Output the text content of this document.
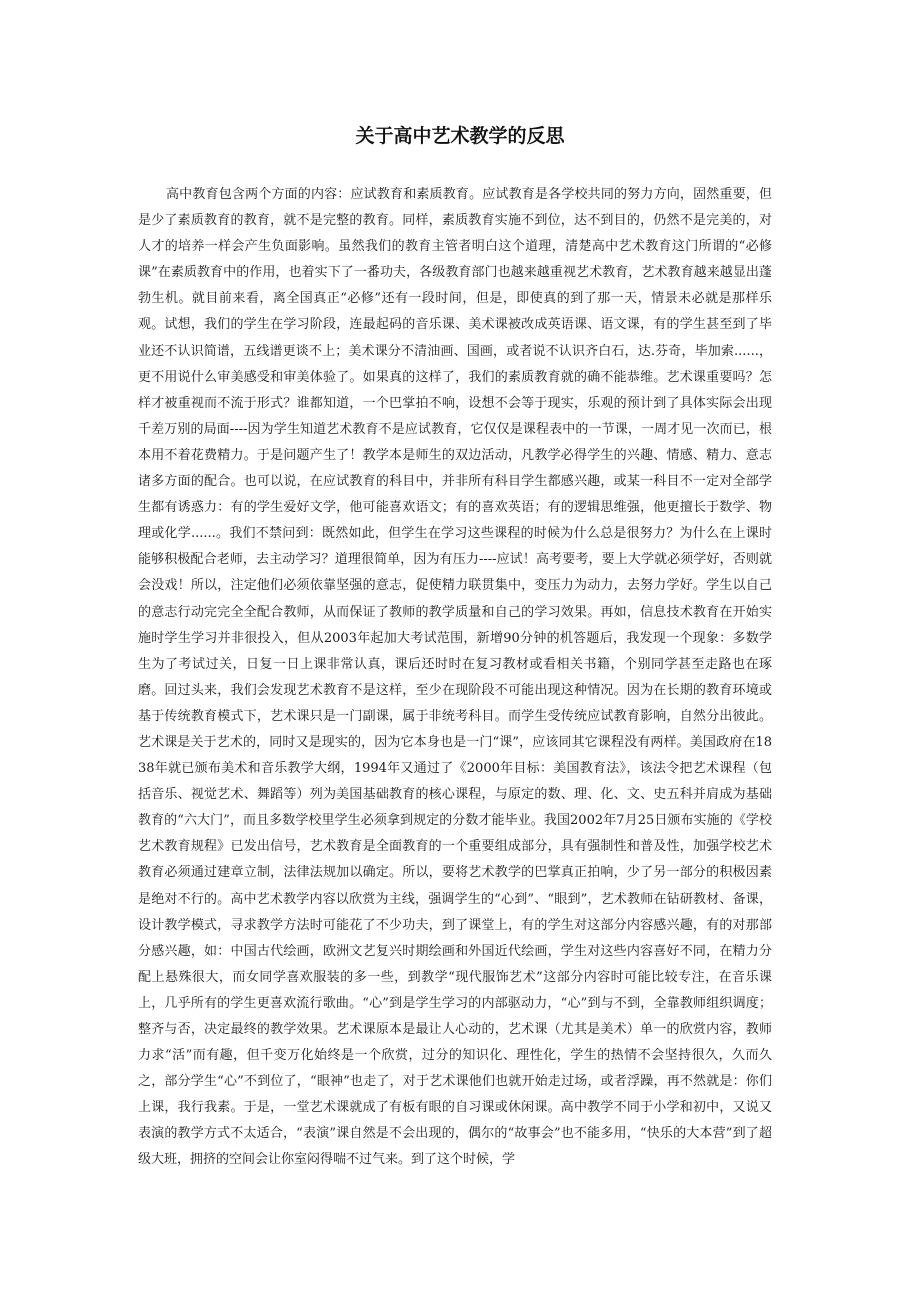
关于高中艺术教学的反思

高中教育包含两个方面的内容：应试教育和素质教育。应试教育是各学校共同的努力方向，固然重要，但是少了素质教育的教育，就不是完整的教育。同样，素质教育实施不到位，达不到目的，仍然不是完美的，对人才的培养一样会产生负面影响。虽然我们的教育主管者明白这个道理，清楚高中艺术教育这门所谓的“必修课”在素质教育中的作用，也着实下了一番功夫，各级教育部门也越来越重视艺术教育，艺术教育越来越显出蓬勃生机。就目前来看，离全国真正“必修”还有一段时间，但是，即使真的到了那一天，情景未必就是那样乐观。试想，我们的学生在学习阶段，连最起码的音乐课、美术课被改成英语课、语文课，有的学生甚至到了毕业还不认识简谱，五线谱更谈不上；美术课分不清油画、国画，或者说不认识齐白石，达.芬奇，毕加索......，更不用说什么审美感受和审美体验了。如果真的这样了，我们的素质教育就的确不能恭维。艺术课重要吗？怎样才被重视而不流于形式？谁都知道，一个巴掌拍不响，设想不会等于现实，乐观的预计到了具体实际会出现千差万别的局面----因为学生知道艺术教育不是应试教育，它仅仅是课程表中的一节课，一周才见一次而已，根本用不着花费精力。于是问题产生了！教学本是师生的双边活动，凡教学必得学生的兴趣、情感、精力、意志诸多方面的配合。也可以说，在应试教育的科目中，并非所有科目学生都感兴趣，或某一科目不一定对全部学生都有诱惑力：有的学生爱好文学，他可能喜欢语文；有的喜欢英语；有的逻辑思维强，他更擅长于数学、物理或化学......。我们不禁问到：既然如此，但学生在学习这些课程的时候为什么总是很努力？为什么在上课时能够积极配合老师，去主动学习？道理很简单，因为有压力----应试！高考要考，要上大学就必须学好，否则就会没戏！所以，注定他们必须依靠坚强的意志，促使精力联贯集中，变压力为动力，去努力学好。学生以自己的意志行动完完全全配合教师，从而保证了教师的教学质量和自己的学习效果。再如，信息技术教育在开始实施时学生学习并非很投入，但从2003年起加大考试范围，新增90分钟的机答题后，我发现一个现象：多数学生为了考试过关，日复一日上课非常认真，课后还时时在复习教材或看相关书籍，个别同学甚至走路也在琢磨。回过头来，我们会发现艺术教育不是这样，至少在现阶段不可能出现这种情况。因为在长期的教育环境或基于传统教育模式下，艺术课只是一门副课，属于非统考科目。而学生受传统应试教育影响，自然分出彼此。艺术课是关于艺术的，同时又是现实的，因为它本身也是一门“课”，应该同其它课程没有两样。美国政府在1838年就已颁布美术和音乐教学大纲，1994年又通过了《2000年目标：美国教育法》，该法令把艺术课程（包括音乐、视觉艺术、舞蹈等）列为美国基础教育的核心课程，与原定的数、理、化、文、史五科并肩成为基础教育的“六大门”，而且多数学校里学生必须拿到规定的分数才能毕业。我国2002年7月25日颁布实施的《学校艺术教育规程》已发出信号，艺术教育是全面教育的一个重要组成部分，具有强制性和普及性，加强学校艺术教育必须通过建章立制，法律法规加以确定。所以，要将艺术教学的巴掌真正拍响，少了另一部分的积极因素是绝对不行的。高中艺术教学内容以欣赏为主线，强调学生的“心到”、“眼到”，艺术教师在钻研教材、备课，设计教学模式，寻求教学方法时可能花了不少功夫，到了课堂上，有的学生对这部分内容感兴趣，有的对那部分感兴趣，如：中国古代绘画，欧洲文艺复兴时期绘画和外国近代绘画，学生对这些内容喜好不同，在精力分配上悬殊很大，而女同学喜欢服装的多一些，到教学“现代服饰艺术”这部分内容时可能比较专注，在音乐课上，几乎所有的学生更喜欢流行歌曲。“心”到是学生学习的内部驱动力，“心”到与不到，全靠教师组织调度；整齐与否，决定最终的教学效果。艺术课原本是最让人心动的，艺术课（尤其是美术）单一的欣赏内容，教师力求“活”而有趣，但千变万化始终是一个欣赏，过分的知识化、理性化，学生的热情不会坚持很久，久而久之，部分学生“心”不到位了，“眼神”也走了，对于艺术课他们也就开始走过场，或者浮躁，再不然就是：你们上课，我行我素。于是，一堂艺术课就成了有板有眼的自习课或休闲课。高中教学不同于小学和初中，又说又表演的教学方式不太适合，“表演”课自然是不会出现的，偶尔的“故事会”也不能多用，“快乐的大本营”到了超级大班，拥挤的空间会让你室闷得喘不过气来。到了这个时候，学
